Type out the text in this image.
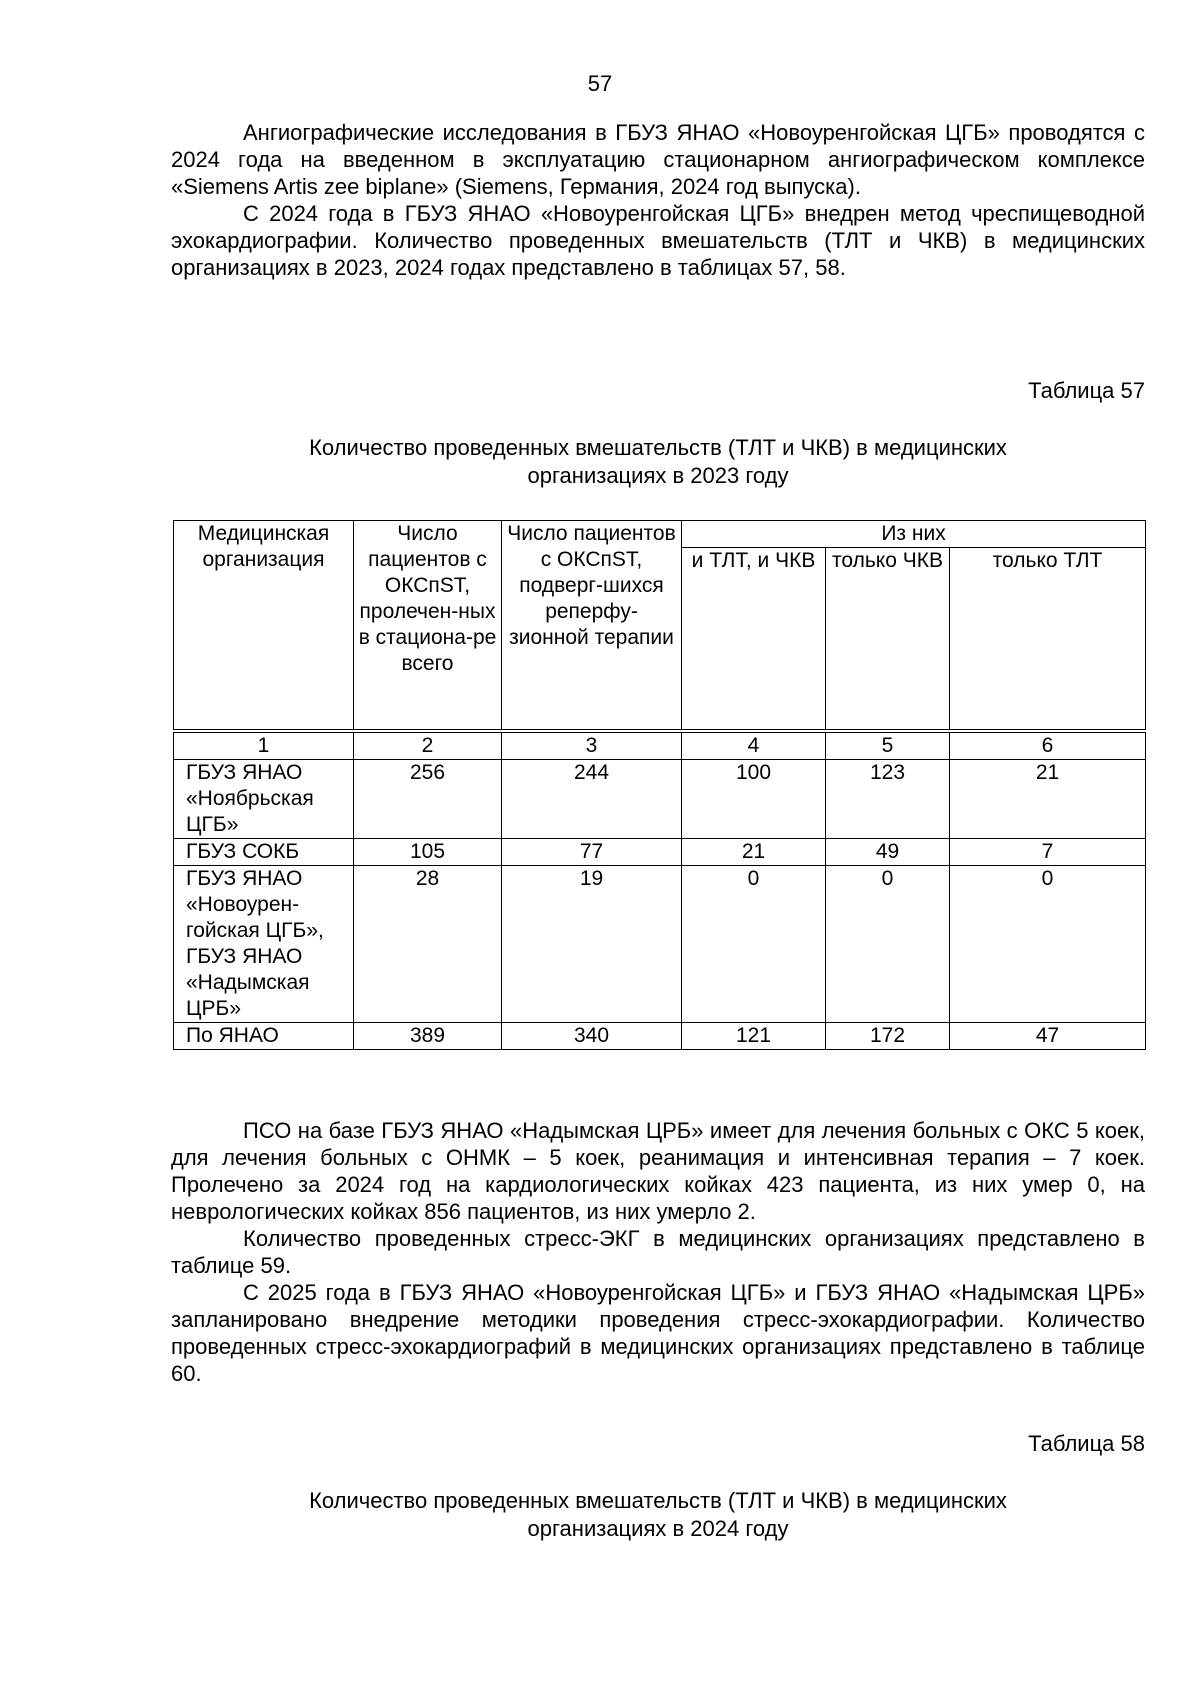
57

Ангиографические исследования в ГБУЗ ЯНАО «Новоуренгойская ЦГБ» проводятся с 2024 года на введенном в эксплуатацию стационарном ангиографическом комплексе «Siemens Artis zee biplane» (Siemens, Германия, 2024 год выпуска).

С 2024 года в ГБУЗ ЯНАО «Новоуренгойская ЦГБ» внедрен метод чреспищеводной эхокардиографии. Количество проведенных вмешательств (ТЛТ и ЧКВ) в медицинских организациях в 2023, 2024 годах представлено в таблицах 57, 58.

Таблица 57
Количество проведенных вмешательств (ТЛТ и ЧКВ) в медицинских
организациях в 2023 году
Медицинская организация	Число пациентов с ОКСпST, пролечен-ных в стациона-ре всего	Число пациентов с ОКСпST, подверг-шихся реперфу-зионной терапии	Из них		
			и ТЛТ, и ЧКВ	только ЧКВ	только ТЛТ
1	2	3	4	5	6
ГБУЗ ЯНАО «Ноябрьская ЦГБ»	256	244	100	123	21
ГБУЗ СОКБ	105	77	21	49	7
ГБУЗ ЯНАО «Новоурен-гойская ЦГБ», ГБУЗ ЯНАО «Надымская ЦРБ»	28	19	0	0	0
По ЯНАО	389	340	121	172	47

ПСО на базе ГБУЗ ЯНАО «Надымская ЦРБ» имеет для лечения больных с ОКС 5 коек, для лечения больных с ОНМК – 5 коек, реанимация и интенсивная терапия – 7 коек. Пролечено за 2024 год на кардиологических койках 423 пациента, из них умер 0, на неврологических койках 856 пациентов, из них умерло 2.

Количество проведенных стресс-ЭКГ в медицинских организациях представлено в таблице 59.

С 2025 года в ГБУЗ ЯНАО «Новоуренгойская ЦГБ» и ГБУЗ ЯНАО «Надымская ЦРБ» запланировано внедрение методики проведения стресс-эхокардиографии. Количество проведенных стресс-эхокардиографий в медицинских организациях представлено в таблице 60.

Таблица 58
Количество проведенных вмешательств (ТЛТ и ЧКВ) в медицинских
организациях в 2024 году
